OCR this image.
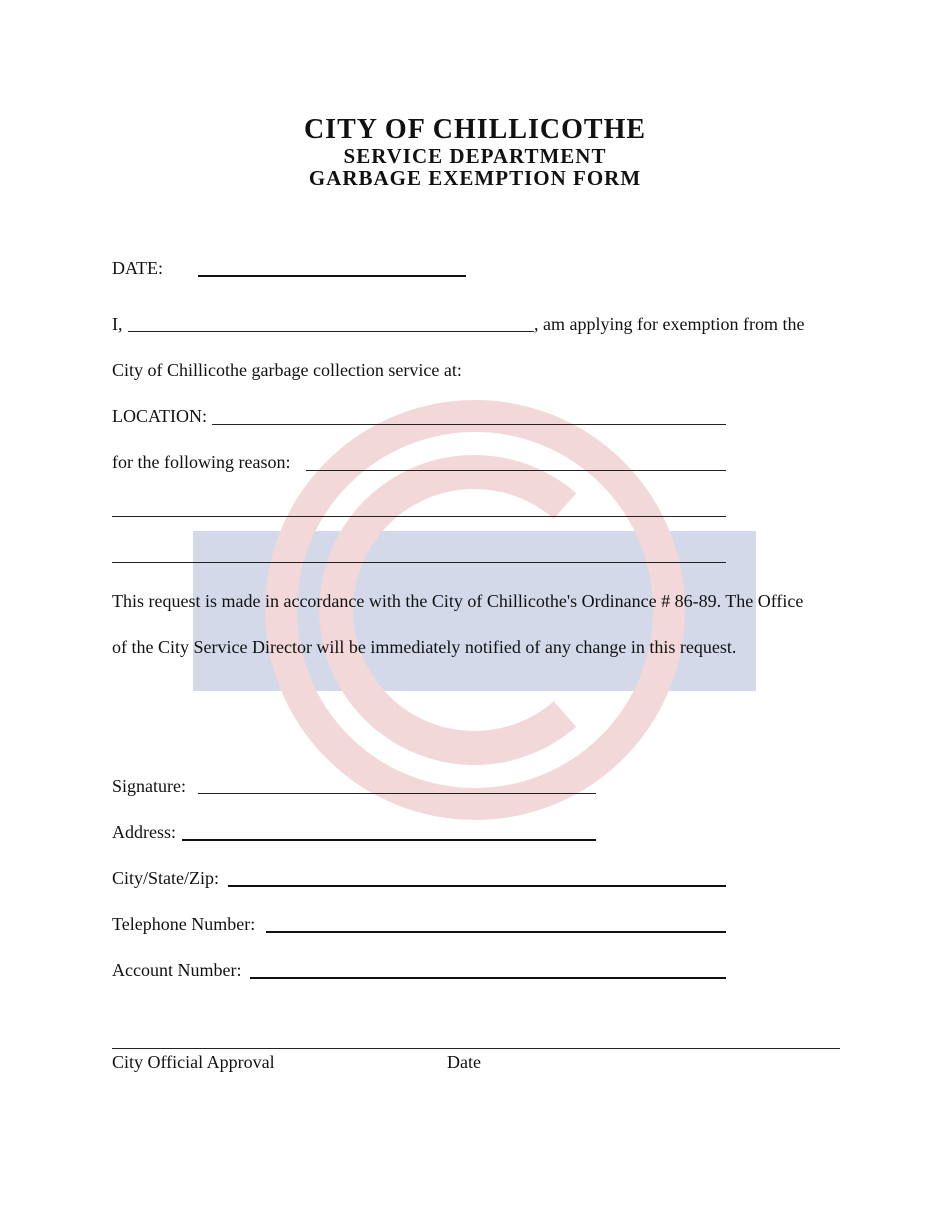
CITY OF CHILLICOTHE
SERVICE DEPARTMENT
GARBAGE EXEMPTION FORM
DATE:
I,	, am applying for exemption from the
City of Chillicothe garbage collection service at:
LOCATION:
for the following reason:
This request is made in accordance with the City of Chillicothe's Ordinance # 86-89. The Office
of the City Service Director will be immediately notified of any change in this request.
Signature:
Address:
City/State/Zip:
Telephone Number:
Account Number:
City Official Approval	Date
